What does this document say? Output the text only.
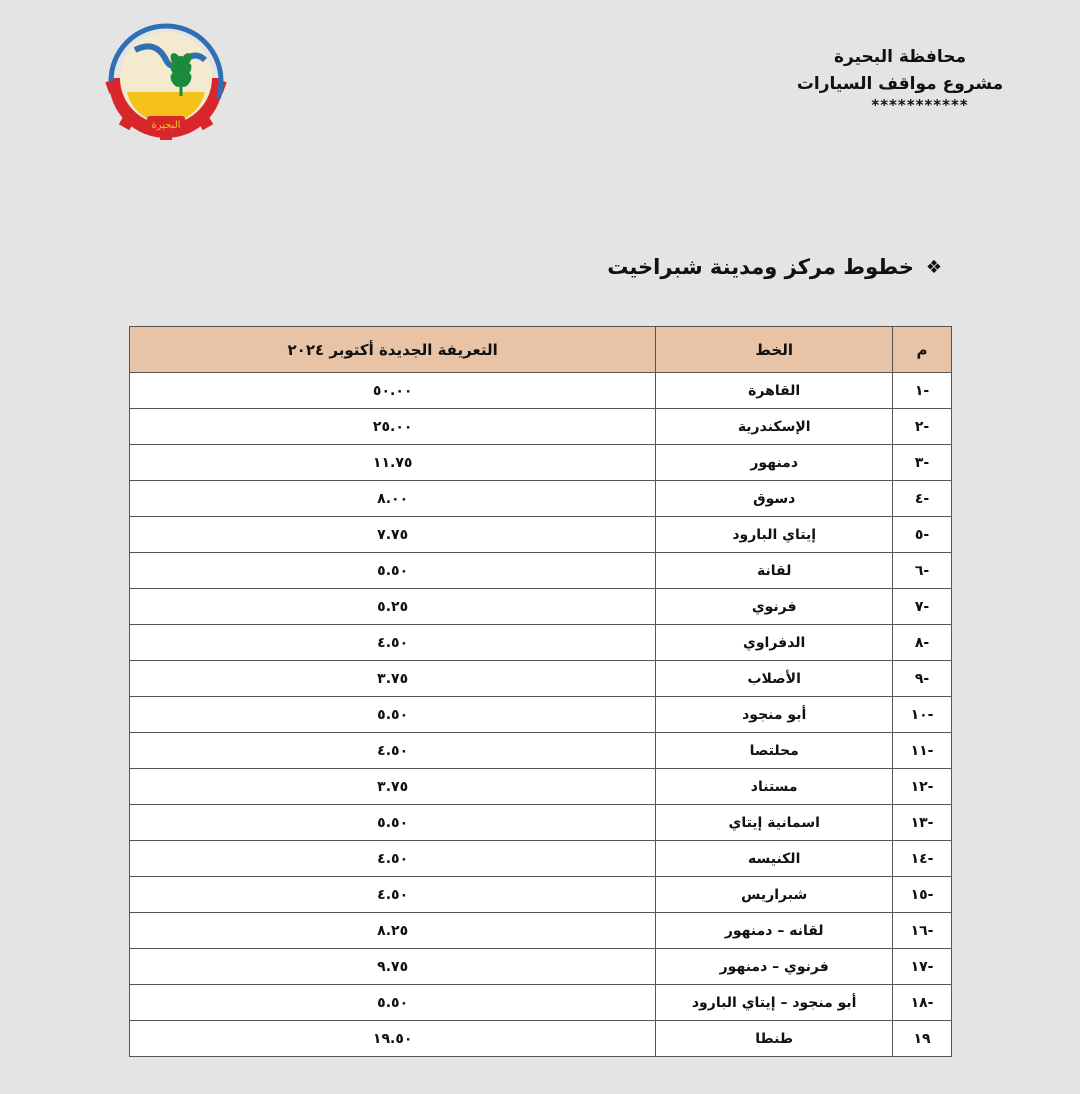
البحيرة
محافظة البحيرة
مشروع مواقف السيارات
***********
❖
خطوط مركز ومدينة شبراخيت
م	الخط	التعريفة الجديدة أكتوبر ٢٠٢٤
-١	القاهرة	٥٠.٠٠
-٢	الإسكندرية	٢٥.٠٠
-٣	دمنهور	١١.٧٥
-٤	دسوق	٨.٠٠
-٥	إيتاي البارود	٧.٧٥
-٦	لقانة	٥.٥٠
-٧	فرنوي	٥.٢٥
-٨	الدفراوي	٤.٥٠
-٩	الأصلاب	٣.٧٥
-١٠	أبو منجود	٥.٥٠
-١١	محلتصا	٤.٥٠
-١٢	مستناد	٣.٧٥
-١٣	اسمانية إيتاي	٥.٥٠
-١٤	الكنيسه	٤.٥٠
-١٥	شبراريس	٤.٥٠
-١٦	لقانه – دمنهور	٨.٢٥
-١٧	فرنوي – دمنهور	٩.٧٥
-١٨	أبو منجود – إيتاي البارود	٥.٥٠
١٩	طنطا	١٩.٥٠
